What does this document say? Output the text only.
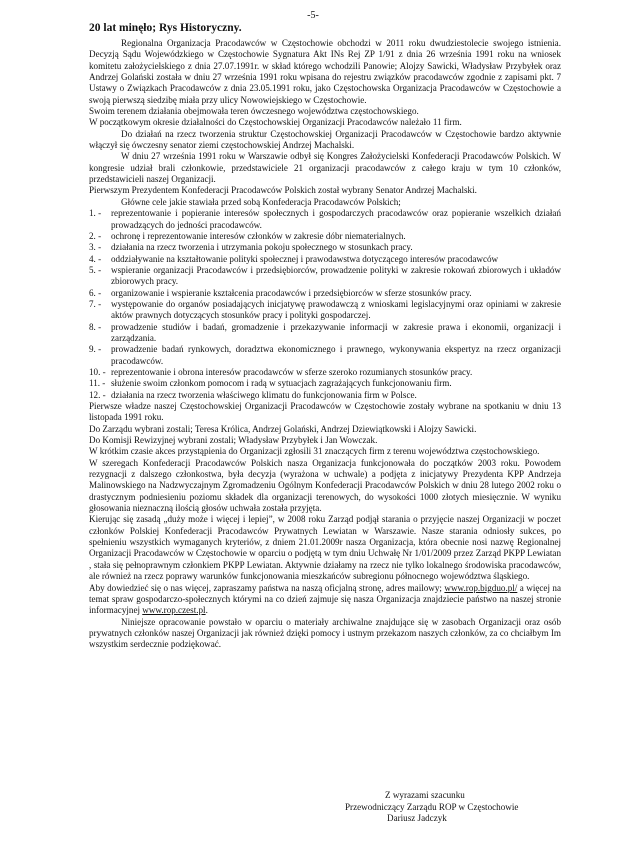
-5-
20 lat minęło; Rys Historyczny.

Regionalna Organizacja Pracodawców w Częstochowie obchodzi w 2011 roku dwudziestolecie swojego istnienia. Decyzją Sądu Wojewódzkiego w Częstochowie Sygnatura Akt INs Rej ZP 1/91 z dnia 26 września 1991 roku na wniosek komitetu założycielskiego z dnia 27.07.1991r. w skład którego wchodzili Panowie; Alojzy Sawicki, Władysław Przybyłek oraz Andrzej Golański została w dniu 27 września 1991 roku wpisana do rejestru związków pracodawców zgodnie z zapisami pkt. 7 Ustawy o Związkach Pracodawców z dnia 23.05.1991 roku, jako Częstochowska Organizacja Pracodawców w Częstochowie a swoją pierwszą siedzibę miała przy ulicy Nowowiejskiego w Częstochowie.

Swoim terenem działania obejmowała teren ówczesnego województwa częstochowskiego.

W początkowym okresie działalności do Częstochowskiej Organizacji Pracodawców należało 11 firm.

Do działań na rzecz tworzenia struktur Częstochowskiej Organizacji Pracodawców w Częstochowie bardzo aktywnie włączył się ówczesny senator ziemi częstochowskiej Andrzej Machalski.

W dniu 27 września 1991 roku w Warszawie odbył się Kongres Założycielski Konfederacji Pracodawców Polskich. W kongresie udział brali członkowie, przedstawiciele 21 organizacji pracodawców z całego kraju w tym 10 członków, przedstawicieli naszej Organizacji.

Pierwszym Prezydentem Konfederacji Pracodawców Polskich został wybrany Senator Andrzej Machalski.

Główne cele jakie stawiała przed sobą Konfederacja Pracodawców Polskich;

1. -	reprezentowanie i popieranie interesów społecznych i gospodarczych pracodawców oraz popieranie wszelkich działań prowadzących do jedności pracodawców.
2. -	ochronę i reprezentowanie interesów członków w zakresie dóbr niematerialnych.
3. -	działania na rzecz tworzenia i utrzymania pokoju społecznego w stosunkach pracy.
4. -	oddziaływanie na kształtowanie polityki społecznej i prawodawstwa dotyczącego interesów pracodawców
5. -	wspieranie organizacji Pracodawców i przedsiębiorców, prowadzenie polityki w zakresie rokowań zbiorowych i układów zbiorowych pracy.
6. -	organizowanie i wspieranie kształcenia pracodawców i przedsiębiorców w sferze stosunków pracy.
7. -	występowanie do organów posiadających inicjatywę prawodawczą z wnioskami legislacyjnymi oraz opiniami w zakresie aktów prawnych dotyczących stosunków pracy i polityki gospodarczej.
8. -	prowadzenie studiów i badań, gromadzenie i przekazywanie informacji w zakresie prawa i ekonomii, organizacji i zarządzania.
9. -	prowadzenie badań rynkowych, doradztwa ekonomicznego i prawnego, wykonywania ekspertyz na rzecz organizacji pracodawców.
10. - reprezentowanie i obrona interesów pracodawców w sferze szeroko rozumianych stosunków pracy.
11. - służenie swoim członkom pomocom i radą w sytuacjach zagrażających funkcjonowaniu firm.
12. - działania na rzecz tworzenia właściwego klimatu do funkcjonowania firm w Polsce.

Pierwsze władze naszej Częstochowskiej Organizacji Pracodawców w Częstochowie zostały wybrane na spotkaniu w dniu 13 listopada 1991 roku.

Do Zarządu wybrani zostali; Teresa Królica, Andrzej Golański, Andrzej Dziewiątkowski i Alojzy Sawicki.

Do Komisji Rewizyjnej wybrani zostali; Władysław Przybyłek i Jan Wowczak.

W krótkim czasie akces przystąpienia do Organizacji zgłosili 31 znaczących firm z terenu województwa częstochowskiego.

W szeregach Konfederacji Pracodawców Polskich nasza Organizacja funkcjonowała do początków 2003 roku. Powodem rezygnacji z dalszego członkostwa, była decyzja (wyrażona w uchwale) a podjęta z inicjatywy Prezydenta KPP Andrzeja Malinowskiego na Nadzwyczajnym Zgromadzeniu Ogólnym Konfederacji Pracodawców Polskich w dniu 28 lutego 2002 roku o drastycznym podniesieniu poziomu składek dla organizacji terenowych, do wysokości 1000 złotych miesięcznie. W wyniku głosowania nieznaczną ilością głosów uchwała została przyjęta.

Kierując się zasadą „duży może i więcej i lepiej”, w 2008 roku Zarząd podjął starania o przyjęcie naszej Organizacji w poczet członków Polskiej Konfederacji Pracodawców Prywatnych Lewiatan w Warszawie. Nasze starania odniosły sukces, po spełnieniu wszystkich wymaganych kryteriów, z dniem 21.01.2009r nasza Organizacja, która obecnie nosi nazwę Regionalnej Organizacji Pracodawców w Częstochowie w oparciu o podjętą w tym dniu Uchwałę Nr 1/01/2009 przez Zarząd PKPP Lewiatan , stała się pełnoprawnym członkiem PKPP Lewiatan. Aktywnie działamy na rzecz nie tylko lokalnego środowiska pracodawców, ale również na rzecz poprawy warunków funkcjonowania mieszkańców subregionu północnego województwa śląskiego.

Aby dowiedzieć się o nas więcej, zapraszamy państwa na naszą oficjalną stronę, adres mailowy; www.rop.bigduo.pl/ a więcej na temat spraw gospodarczo-społecznych którymi na co dzień zajmuje się nasza Organizacja znajdziecie państwo na naszej stronie informacyjnej www.rop.czest.pl.

Niniejsze opracowanie powstało w oparciu o materiały archiwalne znajdujące się w zasobach Organizacji oraz osób prywatnych członków naszej Organizacji jak również dzięki pomocy i ustnym przekazom naszych członków, za co chciałbym Im wszystkim serdecznie podziękować.

Z wyrazami szacunku
Przewodniczący Zarządu ROP w Częstochowie
Dariusz Jadczyk
